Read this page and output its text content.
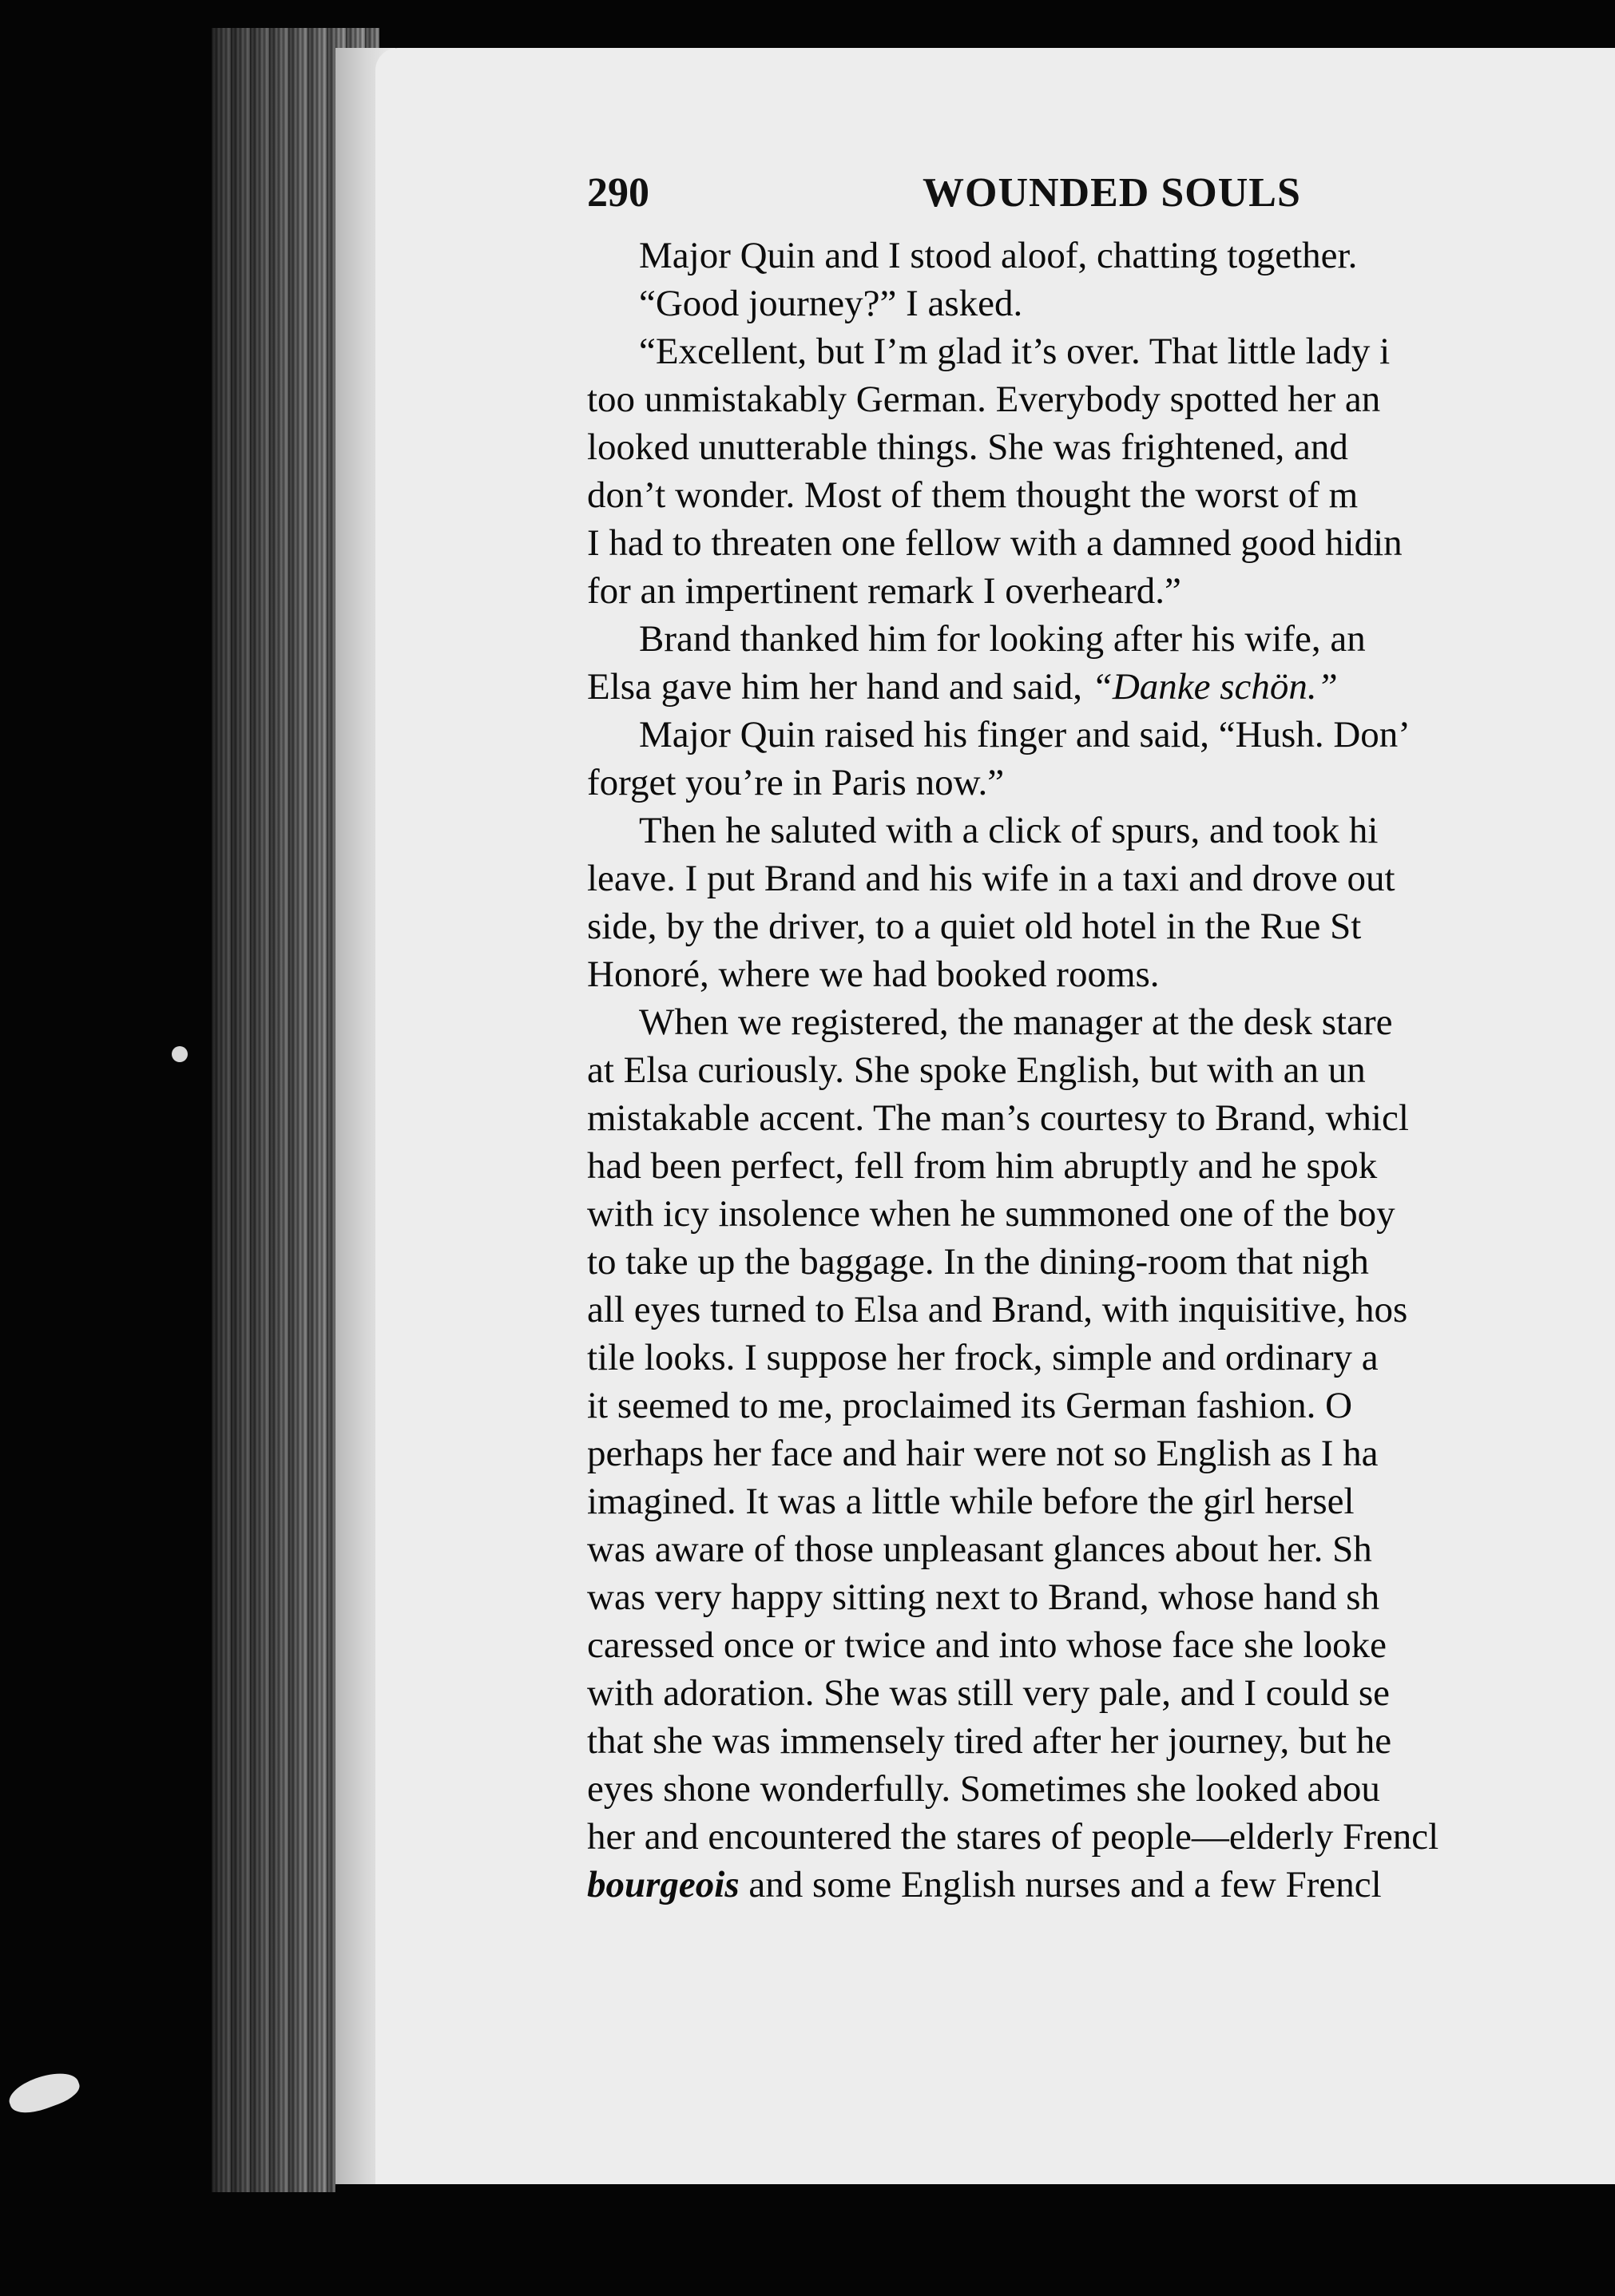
290	WOUNDED SOULS
Major Quin and I stood aloof, chatting together.
“Good journey?” I asked.
“Excellent, but I’m glad it’s over. That little lady i
too unmistakably German. Everybody spotted her an
looked unutterable things. She was frightened, and
don’t wonder. Most of them thought the worst of m
I had to threaten one fellow with a damned good hidin
for an impertinent remark I overheard.”
Brand thanked him for looking after his wife, an
Elsa gave him her hand and said, “Danke schön.”
Major Quin raised his finger and said, “Hush. Don’
forget you’re in Paris now.”
Then he saluted with a click of spurs, and took hi
leave. I put Brand and his wife in a taxi and drove out
side, by the driver, to a quiet old hotel in the Rue St
Honoré, where we had booked rooms.
When we registered, the manager at the desk stare
at Elsa curiously. She spoke English, but with an un
mistakable accent. The man’s courtesy to Brand, whicl
had been perfect, fell from him abruptly and he spok
with icy insolence when he summoned one of the boy
to take up the baggage. In the dining-room that nigh
all eyes turned to Elsa and Brand, with inquisitive, hos
tile looks. I suppose her frock, simple and ordinary a
it seemed to me, proclaimed its German fashion. O
perhaps her face and hair were not so English as I ha
imagined. It was a little while before the girl hersel
was aware of those unpleasant glances about her. Sh
was very happy sitting next to Brand, whose hand sh
caressed once or twice and into whose face she looke
with adoration. She was still very pale, and I could se
that she was immensely tired after her journey, but he
eyes shone wonderfully. Sometimes she looked abou
her and encountered the stares of people—elderly Frencl
bourgeois and some English nurses and a few Frencl
